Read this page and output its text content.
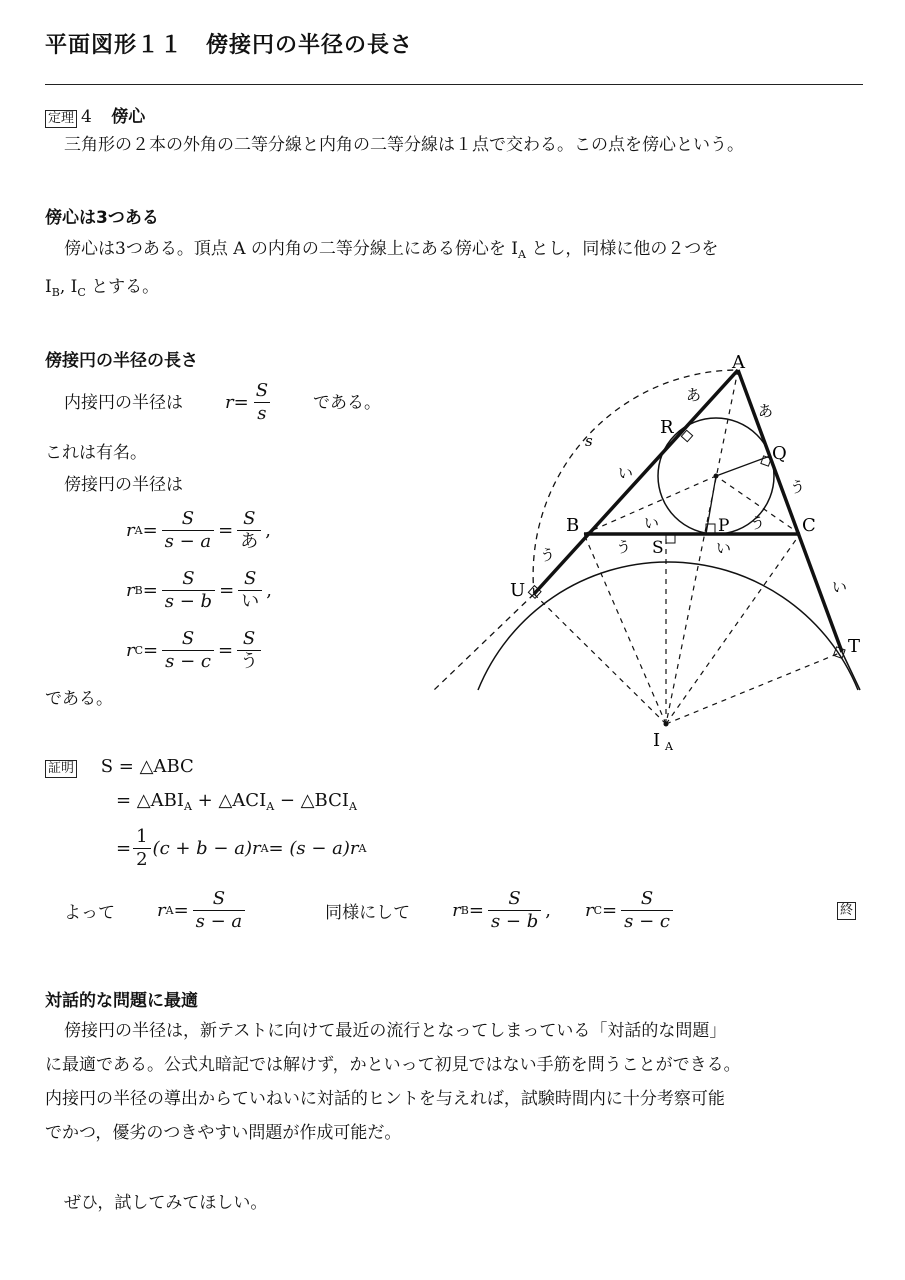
平面図形１１　傍接円の半径の長さ
定理 4 傍心
三角形の２本の外角の二等分線と内角の二等分線は１点で交わる。この点を傍心という。
傍心は3つある
傍心は3つある。頂点 A の内角の二等分線上にある傍心を $I_A$ とし，同様に他の２つを
$I_B$, $I_C$ とする。
傍接円の半径の長さ
内接円の半径は $r = \frac{S}{s}$ である。
これは有名。
傍接円の半径は
r $A = \frac{S}{s - a} = \frac{S}{\text{あ}}$ ,
r $B = \frac{S}{s - b} = \frac{S}{\text{い}}$ ,
r $C = \frac{S}{s - c} = \frac{S}{\text{う}}$
である。
A
B	C
R
Q
P
S
U
T
I A
あ
あ
い
い
い
い
う
う
う
う
s
証明 S = △ABC
= $\triangle ABI_A$ + $\triangle ACI_A$ − $\triangle BCI_A$
= $\frac{1}{2} (c + b - a)r$ A = (s − a)r A
よって r $A = \frac{S}{s - a}$	同様にして r $B = \frac{S}{s - b}$ , r $C = \frac{S}{s - c}$	終
対話的な問題に最適
傍接円の半径は，新テストに向けて最近の流行となってしまっている「対話的な問題」
に最適である。公式丸暗記では解けず，かといって初見ではない手筋を問うことができる。
内接円の半径の導出からていねいに対話的ヒントを与えれば，試験時間内に十分考察可能
でかつ，優劣のつきやすい問題が作成可能だ。
ぜひ，試してみてほしい。
